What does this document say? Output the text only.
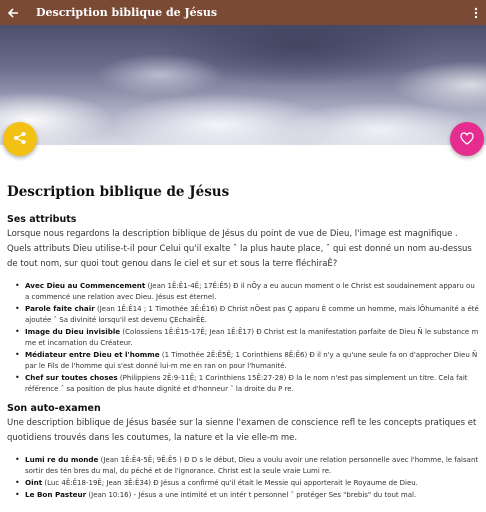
Description biblique de Jésus
Description biblique de Jésus
Ses attributs
Lorsque nous regardons la description biblique de Jésus du point de vue de Dieu, l'image est magnifique . Quels attributs Dieu utilise-t-il pour Celui qu'il exalte ˆ la plus haute place, ˆ qui est donné un nom au-dessus de tout nom, sur quoi tout genou dans le ciel et sur et sous la terre fléchiraÊ?
• Avec Dieu au Commencement (Jean 1Ê:Ê1-4Ê; 17Ê:Ê5) Ð il nÕy a eu aucun moment o le Christ est soudainement apparu ou a commencé une relation avec Dieu. Jésus est éternel.
• Parole faite chair (Jean 1Ê:Ê14 ; 1 Timothée 3Ê:Ê16) Ð Christ nÕest pas Ç apparu È comme un homme, mais lÕhumanité a été ajoutée ˆ Sa divinité lorsqu'il est devenu ÇEchairÊÈ.
• Image du Dieu invisible (Colossiens 1Ê:Ê15-17Ê; Jean 1Ê:Ê17) Ð Christ est la manifestation parfaite de Dieu Ñ le substance m me et incarnation du Créateur.
• Médiateur entre Dieu et l'homme (1 Timothée 2Ê:Ê5Ê; 1 Corinthiens 8Ê:Ê6) Ð il n'y a qu'une seule fa on d'approcher Dieu Ñ par le Fils de l'homme qui s'est donné lui-m me en ran on pour l'humanité.
• Chef sur toutes choses (Philippiens 2Ê:9-11Ê; 1 Corinthiens 15Ê:27-28) Ð la le nom n'est pas simplement un titre. Cela fait référence ˆ sa position de plus haute dignité et d'honneur ˆ la droite du P re.
Son auto-examen
Une description biblique de Jésus basée sur la sienne l'examen de conscience refl te les concepts pratiques et quotidiens trouvés dans les coutumes, la nature et la vie elle-m me.
• Lumi re du monde (Jean 1Ê:Ê4-5Ê; 9Ê:Ê5 ) Ð D s le début, Dieu a voulu avoir une relation personnelle avec l'homme, le faisant sortir des tén bres du mal, du péché et de l'ignorance. Christ est la seule vraie Lumi re.
• Oint (Luc 4Ê:Ê18-19Ê; Jean 3Ê:Ê34) Ð Jésus a confirmé qu'il était le Messie qui apporterait le Royaume de Dieu.
• Le Bon Pasteur (Jean 10:16) - Jésus a une intimité et un intér t personnel ˆ protéger Ses "brebis" du tout mal.
